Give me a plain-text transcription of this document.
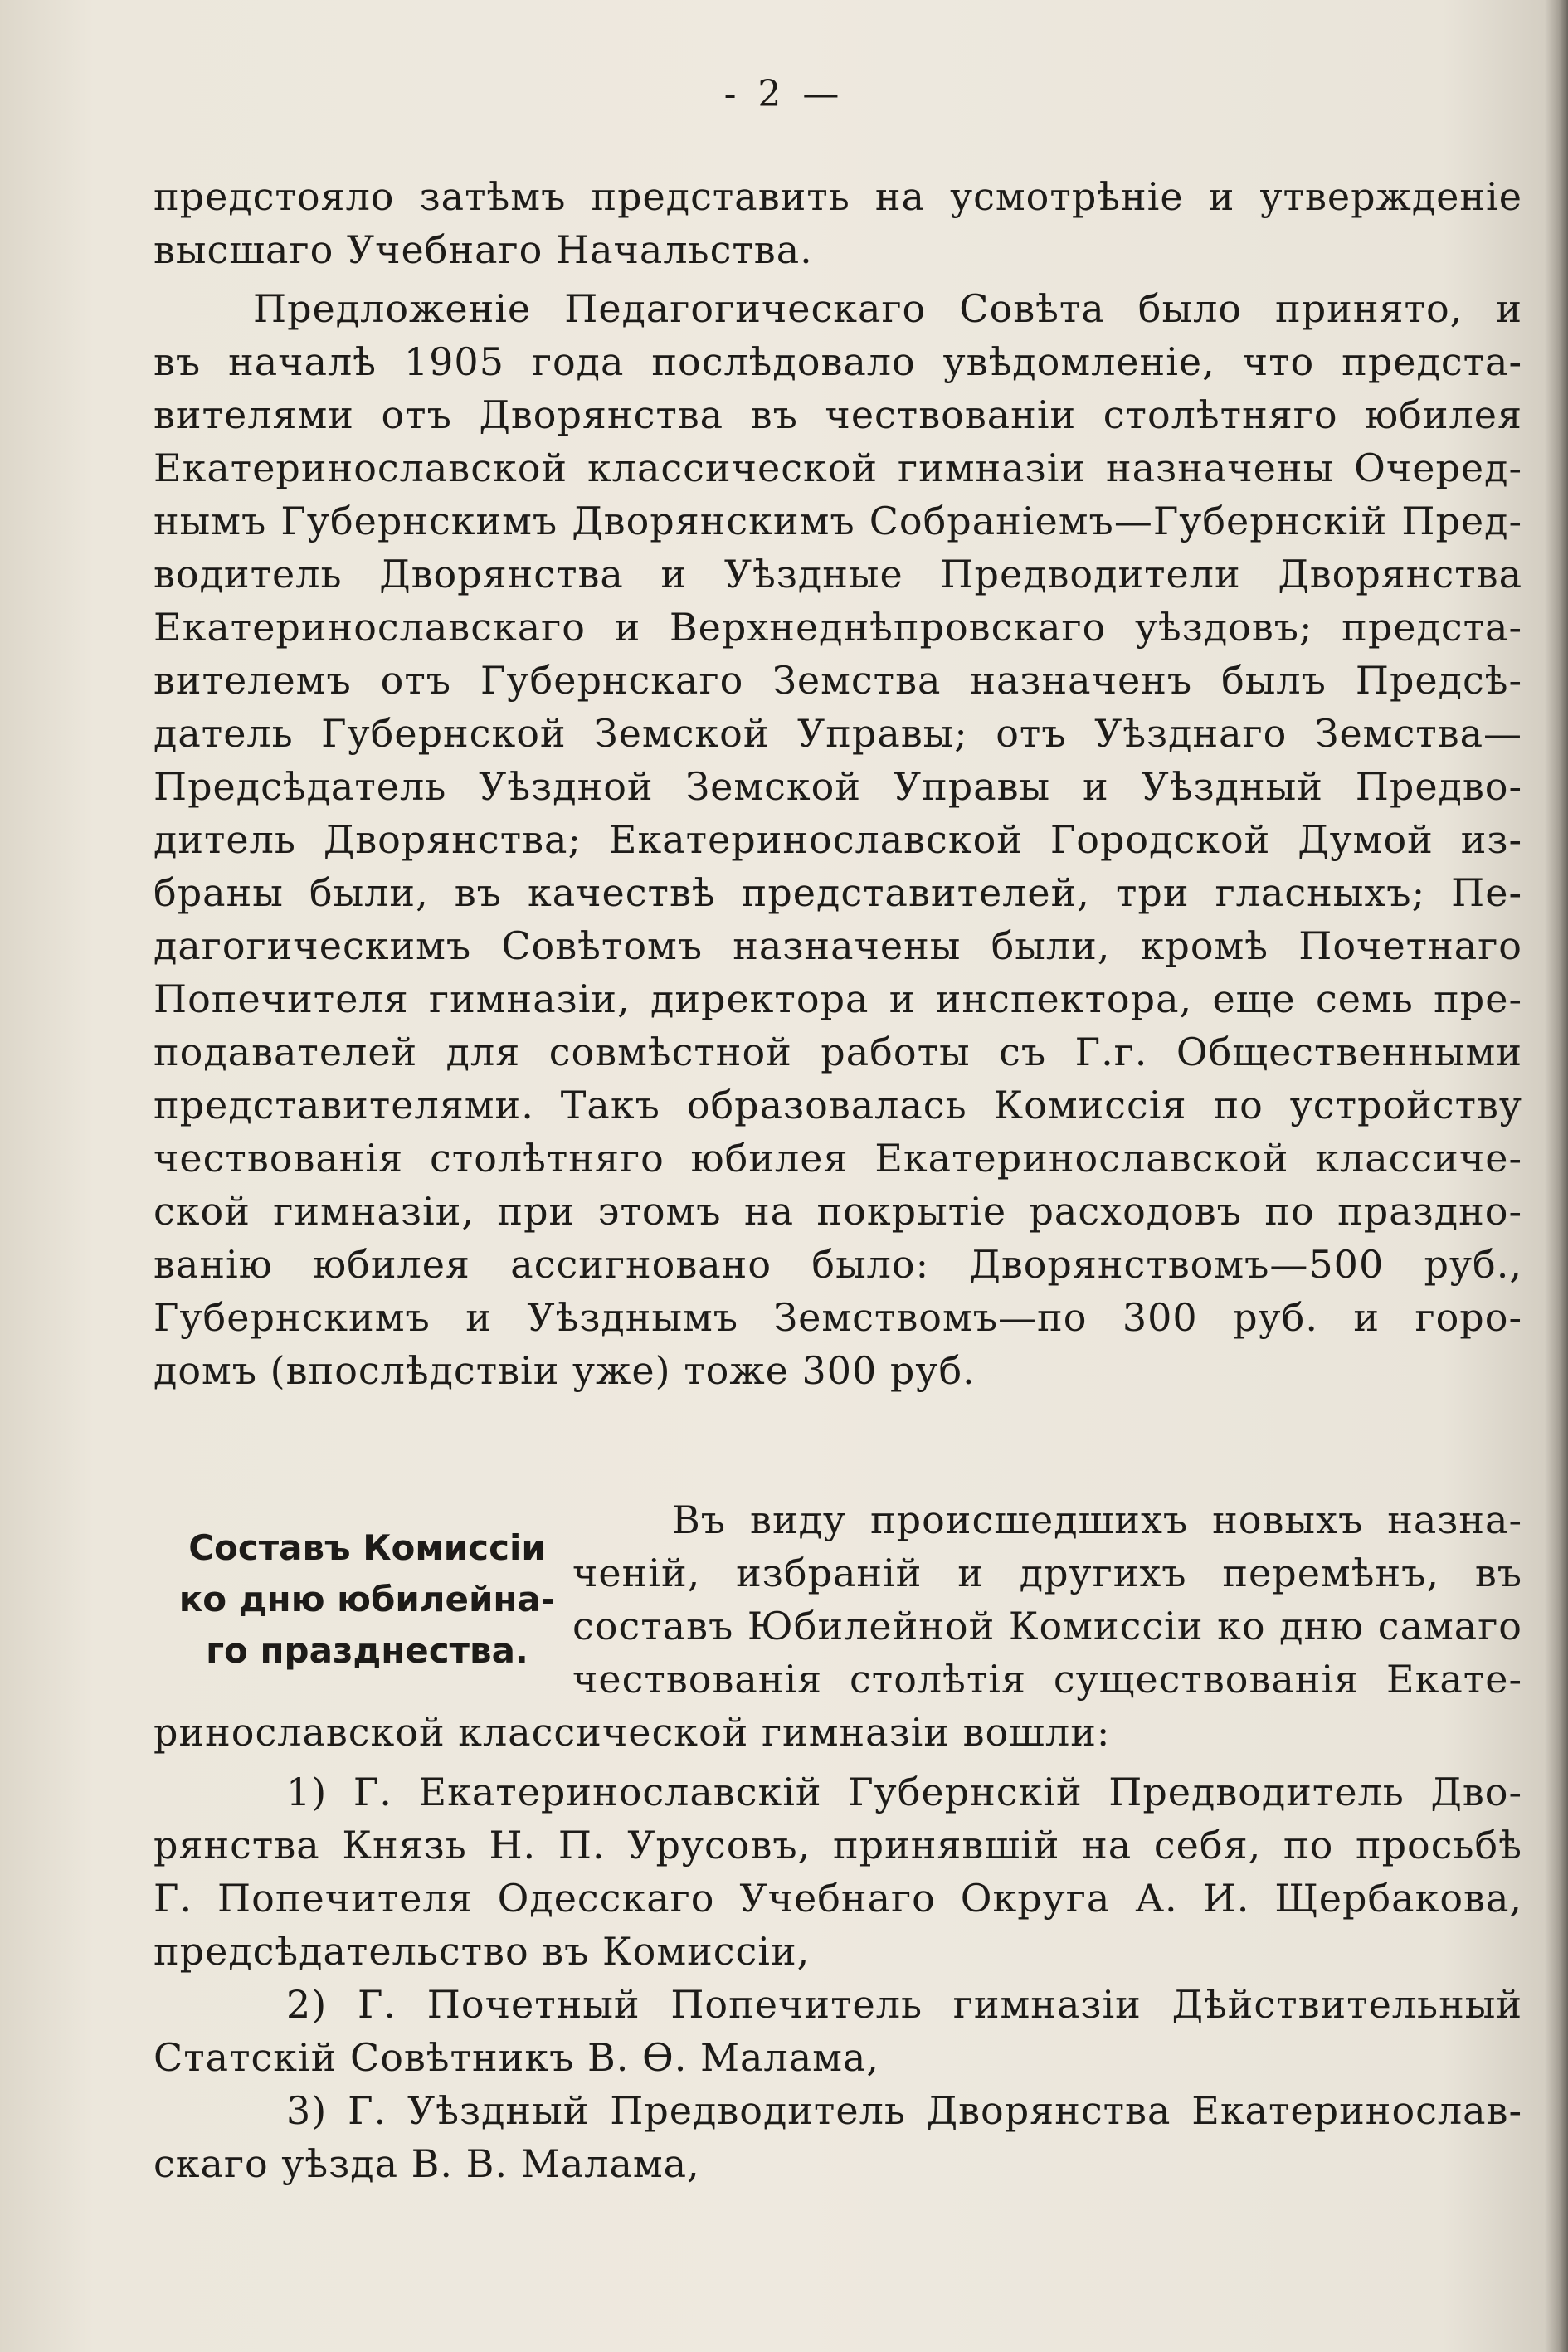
- 2 —
предстояло затѣмъ представить на усмотрѣніе и утвержденіе
высшаго Учебнаго Начальства.
Предложеніе Педагогическаго Совѣта было принято, и
въ началѣ 1905 года послѣдовало увѣдомленіе, что предста-
вителями отъ Дворянства въ чествованіи столѣтняго юбилея
Екатеринославской классической гимназіи назначены Очеред-
нымъ Губернскимъ Дворянскимъ Собраніемъ—Губернскій Пред-
водитель Дворянства и Уѣздные Предводители Дворянства
Екатеринославскаго и Верхнеднѣпровскаго уѣздовъ; предста-
вителемъ отъ Губернскаго Земства назначенъ былъ Предсѣ-
датель Губернской Земской Управы; отъ Уѣзднаго Земства—
Предсѣдатель Уѣздной Земской Управы и Уѣздный Предво-
дитель Дворянства; Екатеринославской Городской Думой из-
браны были, въ качествѣ представителей, три гласныхъ; Пе-
дагогическимъ Совѣтомъ назначены были, кромѣ Почетнаго
Попечителя гимназіи, директора и инспектора, еще семь пре-
подавателей для совмѣстной работы съ Г.г. Общественными
представителями. Такъ образовалась Комиссія по устройству
чествованія столѣтняго юбилея Екатеринославской классиче-
ской гимназіи, при этомъ на покрытіе расходовъ по праздно-
ванію юбилея ассигновано было: Дворянствомъ—500 руб.,
Губернскимъ и Уѣзднымъ Земствомъ—по 300 руб. и горо-
домъ (впослѣдствіи уже) тоже 300 руб.
Составъ Комиссіи
ко дню юбилейна-
го празднества.
Въ виду происшедшихъ новыхъ назна-
ченій, избраній и другихъ перемѣнъ, въ
составъ Юбилейной Комиссіи ко дню самаго
чествованія столѣтія существованія Екате-
ринославской классической гимназіи вошли:
1) Г. Екатеринославскій Губернскій Предводитель Дво-
рянства Князь Н. П. Урусовъ, принявшій на себя, по просьбѣ
Г. Попечителя Одесскаго Учебнаго Округа А. И. Щербакова,
предсѣдательство въ Комиссіи,
2) Г. Почетный Попечитель гимназіи Дѣйствительный
Статскій Совѣтникъ В. Ѳ. Малама,
3) Г. Уѣздный Предводитель Дворянства Екатеринослав-
скаго уѣзда В. В. Малама,
